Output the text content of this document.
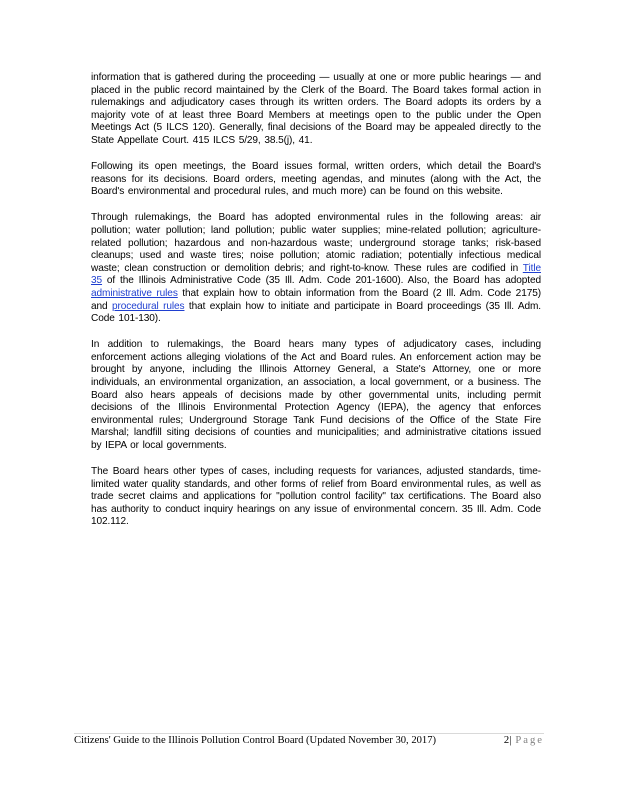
information that is gathered during the proceeding — usually at one or more public hearings — and placed in the public record maintained by the Clerk of the Board. The Board takes formal action in rulemakings and adjudicatory cases through its written orders. The Board adopts its orders by a majority vote of at least three Board Members at meetings open to the public under the Open Meetings Act (5 ILCS 120). Generally, final decisions of the Board may be appealed directly to the State Appellate Court. 415 ILCS 5/29, 38.5(j), 41.

Following its open meetings, the Board issues formal, written orders, which detail the Board's reasons for its decisions. Board orders, meeting agendas, and minutes (along with the Act, the Board's environmental and procedural rules, and much more) can be found on this website.

Through rulemakings, the Board has adopted environmental rules in the following areas: air pollution; water pollution; land pollution; public water supplies; mine-related pollution; agriculture-related pollution; hazardous and non-hazardous waste; underground storage tanks; risk-based cleanups; used and waste tires; noise pollution; atomic radiation; potentially infectious medical waste; clean construction or demolition debris; and right-to-know. These rules are codified in Title 35 of the Illinois Administrative Code (35 Ill. Adm. Code 201-1600). Also, the Board has adopted administrative rules that explain how to obtain information from the Board (2 Ill. Adm. Code 2175) and procedural rules that explain how to initiate and participate in Board proceedings (35 Ill. Adm. Code 101-130).

In addition to rulemakings, the Board hears many types of adjudicatory cases, including enforcement actions alleging violations of the Act and Board rules. An enforcement action may be brought by anyone, including the Illinois Attorney General, a State's Attorney, one or more individuals, an environmental organization, an association, a local government, or a business. The Board also hears appeals of decisions made by other governmental units, including permit decisions of the Illinois Environmental Protection Agency (IEPA), the agency that enforces environmental rules; Underground Storage Tank Fund decisions of the Office of the State Fire Marshal; landfill siting decisions of counties and municipalities; and administrative citations issued by IEPA or local governments.

The Board hears other types of cases, including requests for variances, adjusted standards, time-limited water quality standards, and other forms of relief from Board environmental rules, as well as trade secret claims and applications for "pollution control facility" tax certifications. The Board also has authority to conduct inquiry hearings on any issue of environmental concern. 35 Ill. Adm. Code 102.112.

Citizens' Guide to the Illinois Pollution Control Board (Updated November 30, 2017)	2| Page
